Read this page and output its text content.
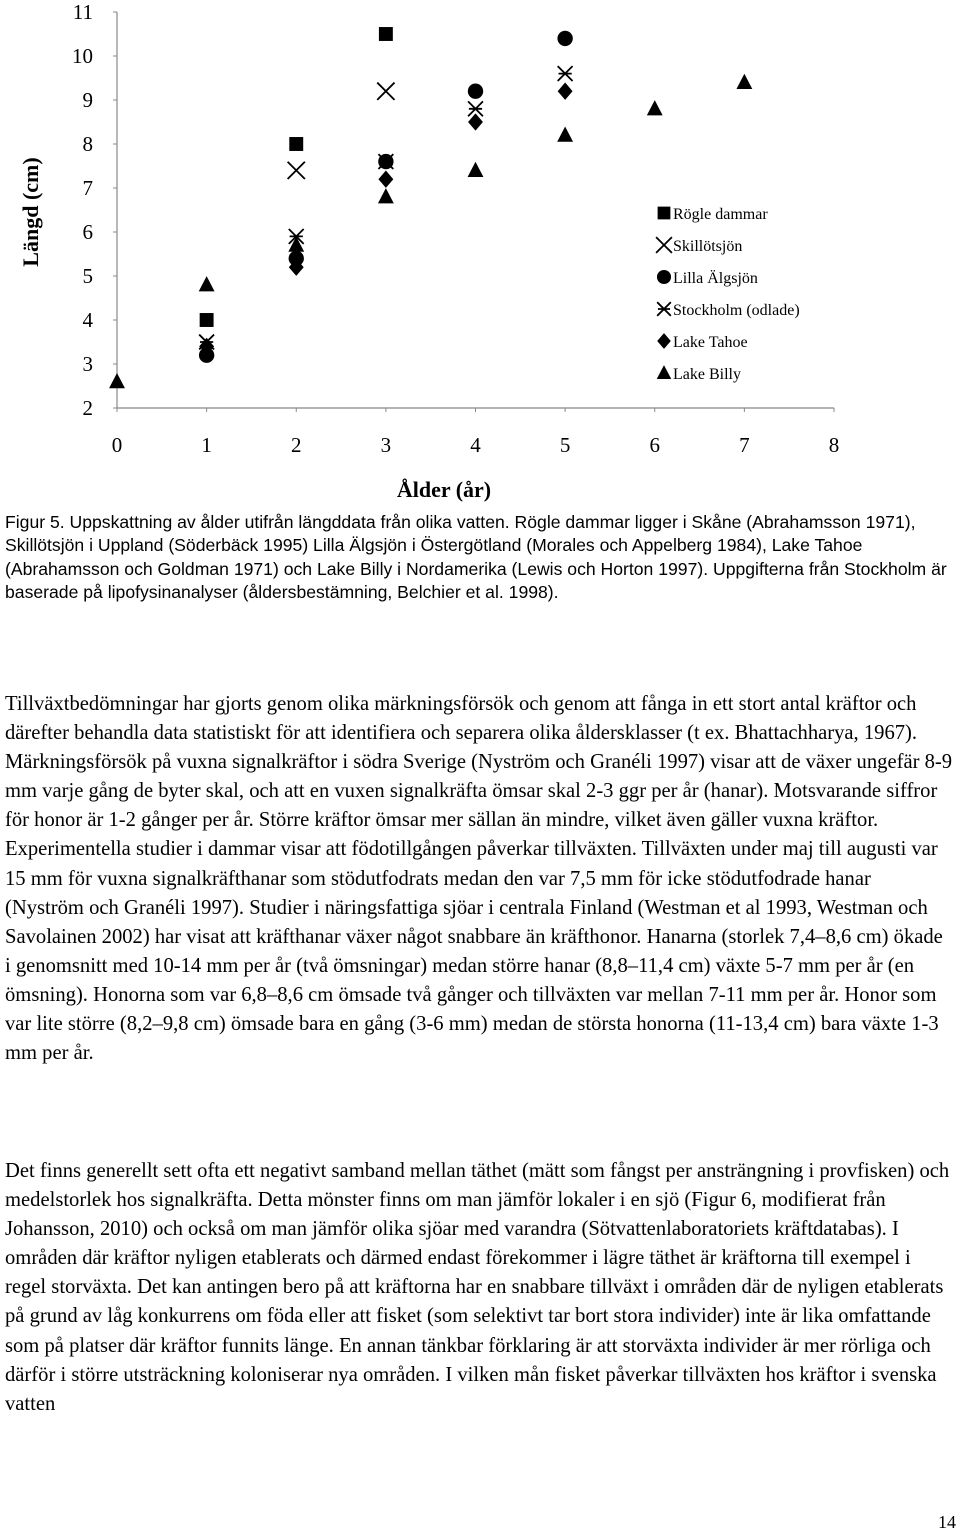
2
3
4
5
6
7
8
9
10
11
0	1	2	3	4	5	6	7	8
Rögle dammar
Skillötsjön
Lilla Älgsjön
Stockholm (odlade)
Lake Tahoe
Lake Billy
Längd (cm)
Ålder (år)

Figur 5. Uppskattning av ålder utifrån längddata från olika vatten. Rögle dammar ligger i Skåne (Abrahamsson 1971), Skillötsjön i Uppland (Söderbäck 1995) Lilla Älgsjön i Östergötland (Morales och Appelberg 1984), Lake Tahoe (Abrahamsson och Goldman 1971) och Lake Billy i Nordamerika (Lewis och Horton 1997). Uppgifterna från Stockholm är baserade på lipofysinanalyser (åldersbestämning, Belchier et al. 1998).

Tillväxtbedömningar har gjorts genom olika märkningsförsök och genom att fånga in ett stort antal kräftor och därefter behandla data statistiskt för att identifiera och separera olika åldersklasser (t ex. Bhattachharya, 1967). Märkningsförsök på vuxna signalkräftor i södra Sverige (Nyström och Granéli 1997) visar att de växer ungefär 8-9 mm varje gång de byter skal, och att en vuxen signalkräfta ömsar skal 2-3 ggr per år (hanar). Motsvarande siffror för honor är 1-2 gånger per år. Större kräftor ömsar mer sällan än mindre, vilket även gäller vuxna kräftor. Experimentella studier i dammar visar att födotillgången påverkar tillväxten. Tillväxten under maj till augusti var 15 mm för vuxna signalkräfthanar som stödutfodrats medan den var 7,5 mm för icke stödutfodrade hanar (Nyström och Granéli 1997). Studier i näringsfattiga sjöar i centrala Finland (Westman et al 1993, Westman och Savolainen 2002) har visat att kräfthanar växer något snabbare än kräfthonor. Hanarna (storlek 7,4–8,6 cm) ökade i genomsnitt med 10-14 mm per år (två ömsningar) medan större hanar (8,8–11,4 cm) växte 5-7 mm per år (en ömsning). Honorna som var 6,8–8,6 cm ömsade två gånger och tillväxten var mellan 7-11 mm per år. Honor som var lite större (8,2–9,8 cm) ömsade bara en gång (3-6 mm) medan de största honorna (11-13,4 cm) bara växte 1-3 mm per år.

Det finns generellt sett ofta ett negativt samband mellan täthet (mätt som fångst per ansträngning i provfisken) och medelstorlek hos signalkräfta. Detta mönster finns om man jämför lokaler i en sjö (Figur 6, modifierat från Johansson, 2010) och också om man jämför olika sjöar med varandra (Sötvattenlaboratoriets kräftdatabas). I områden där kräftor nyligen etablerats och därmed endast förekommer i lägre täthet är kräftorna till exempel i regel storväxta. Det kan antingen bero på att kräftorna har en snabbare tillväxt i områden där de nyligen etablerats på grund av låg konkurrens om föda eller att fisket (som selektivt tar bort stora individer) inte är lika omfattande som på platser där kräftor funnits länge. En annan tänkbar förklaring är att storväxta individer är mer rörliga och därför i större utsträckning koloniserar nya områden. I vilken mån fisket påverkar tillväxten hos kräftor i svenska vatten

14
